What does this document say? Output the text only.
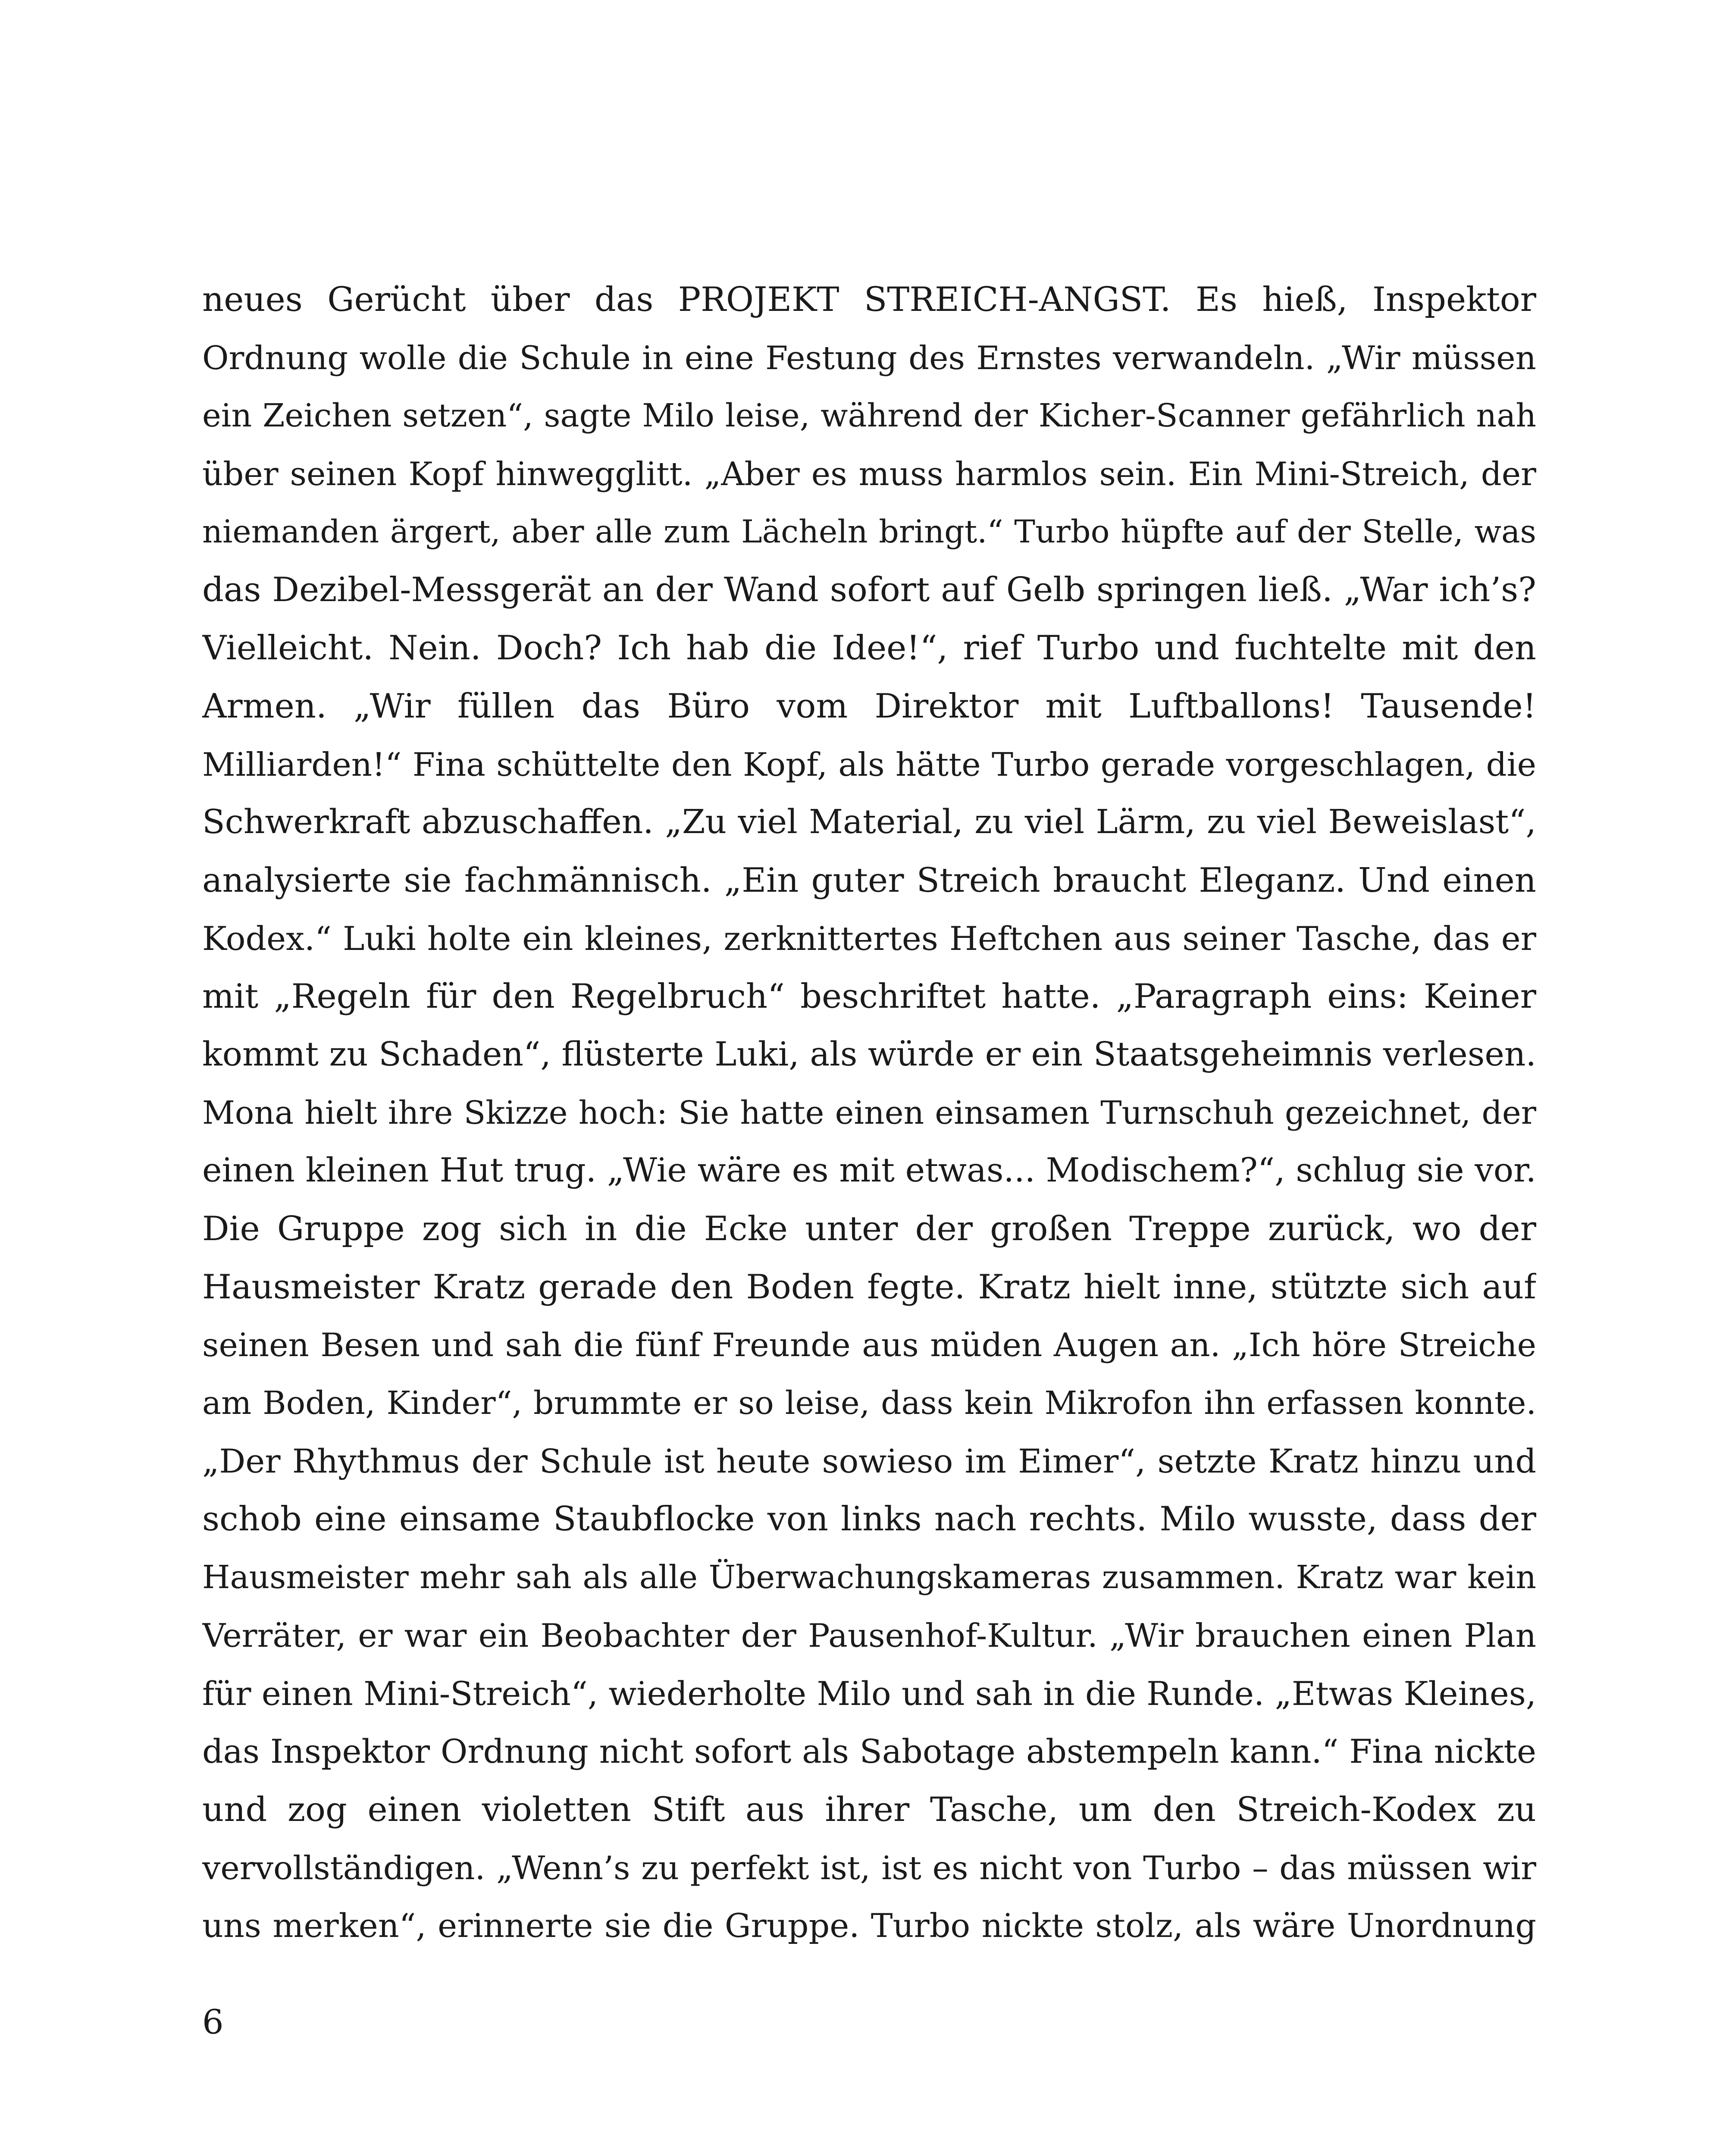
neues Gerücht über das PROJEKT STREICH-ANGST. Es hieß, Inspektor
Ordnung wolle die Schule in eine Festung des Ernstes verwandeln. „Wir müssen
ein Zeichen setzen“, sagte Milo leise, während der Kicher-Scanner gefährlich nah
über seinen Kopf hinwegglitt. „Aber es muss harmlos sein. Ein Mini-Streich, der
niemanden ärgert, aber alle zum Lächeln bringt.“ Turbo hüpfte auf der Stelle, was
das Dezibel-Messgerät an der Wand sofort auf Gelb springen ließ. „War ich’s?
Vielleicht. Nein. Doch? Ich hab die Idee!“, rief Turbo und fuchtelte mit den
Armen. „Wir füllen das Büro vom Direktor mit Luftballons! Tausende!
Milliarden!“ Fina schüttelte den Kopf, als hätte Turbo gerade vorgeschlagen, die
Schwerkraft abzuschaffen. „Zu viel Material, zu viel Lärm, zu viel Beweislast“,
analysierte sie fachmännisch. „Ein guter Streich braucht Eleganz. Und einen
Kodex.“ Luki holte ein kleines, zerknittertes Heftchen aus seiner Tasche, das er
mit „Regeln für den Regelbruch“ beschriftet hatte. „Paragraph eins: Keiner
kommt zu Schaden“, flüsterte Luki, als würde er ein Staatsgeheimnis verlesen.
Mona hielt ihre Skizze hoch: Sie hatte einen einsamen Turnschuh gezeichnet, der
einen kleinen Hut trug. „Wie wäre es mit etwas... Modischem?“, schlug sie vor.
Die Gruppe zog sich in die Ecke unter der großen Treppe zurück, wo der
Hausmeister Kratz gerade den Boden fegte. Kratz hielt inne, stützte sich auf
seinen Besen und sah die fünf Freunde aus müden Augen an. „Ich höre Streiche
am Boden, Kinder“, brummte er so leise, dass kein Mikrofon ihn erfassen konnte.
„Der Rhythmus der Schule ist heute sowieso im Eimer“, setzte Kratz hinzu und
schob eine einsame Staubflocke von links nach rechts. Milo wusste, dass der
Hausmeister mehr sah als alle Überwachungskameras zusammen. Kratz war kein
Verräter, er war ein Beobachter der Pausenhof-Kultur. „Wir brauchen einen Plan
für einen Mini-Streich“, wiederholte Milo und sah in die Runde. „Etwas Kleines,
das Inspektor Ordnung nicht sofort als Sabotage abstempeln kann.“ Fina nickte
und zog einen violetten Stift aus ihrer Tasche, um den Streich-Kodex zu
vervollständigen. „Wenn’s zu perfekt ist, ist es nicht von Turbo – das müssen wir
uns merken“, erinnerte sie die Gruppe. Turbo nickte stolz, als wäre Unordnung

6
